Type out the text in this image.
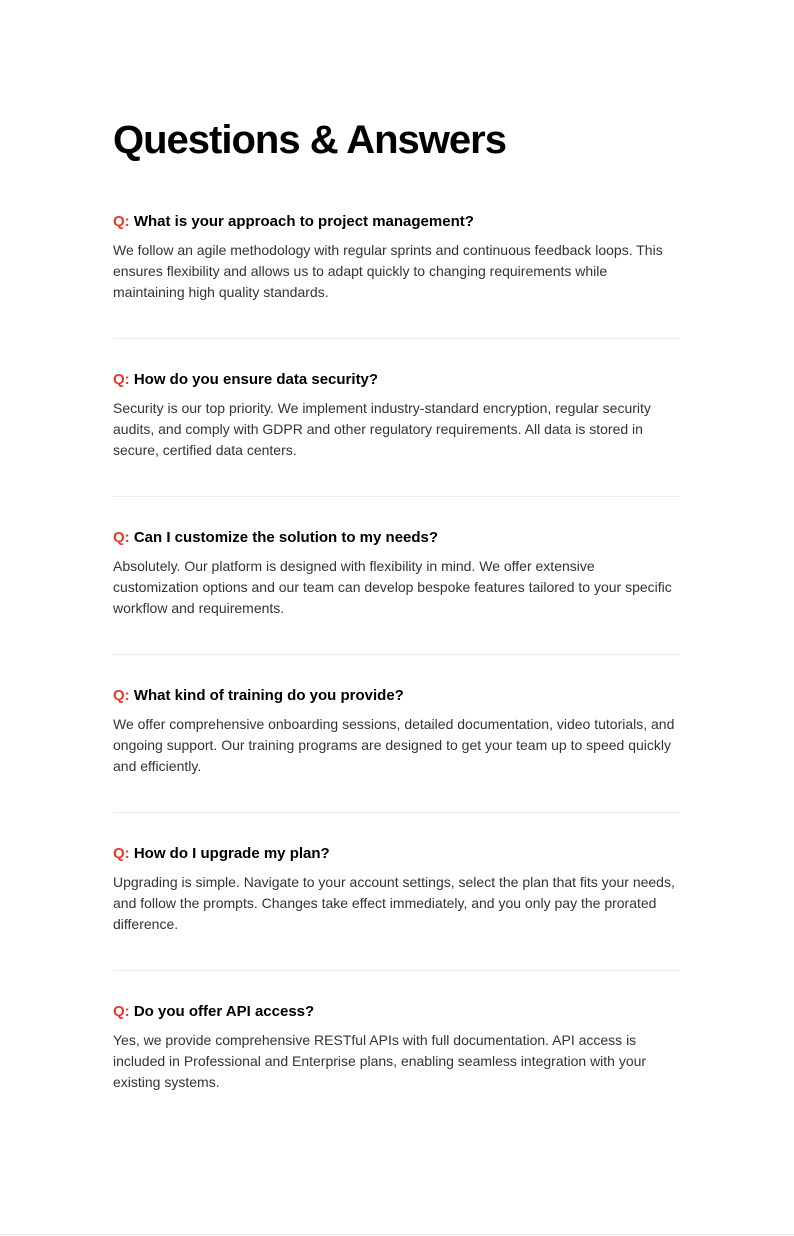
Questions & Answers

Q: What is your approach to project management?

We follow an agile methodology with regular sprints and continuous feedback loops. This ensures flexibility and allows us to adapt quickly to changing requirements while maintaining high quality standards.

Q: How do you ensure data security?

Security is our top priority. We implement industry-standard encryption, regular security audits, and comply with GDPR and other regulatory requirements. All data is stored in secure, certified data centers.

Q: Can I customize the solution to my needs?

Absolutely. Our platform is designed with flexibility in mind. We offer extensive customization options and our team can develop bespoke features tailored to your specific workflow and requirements.

Q: What kind of training do you provide?

We offer comprehensive onboarding sessions, detailed documentation, video tutorials, and ongoing support. Our training programs are designed to get your team up to speed quickly and efficiently.

Q: How do I upgrade my plan?

Upgrading is simple. Navigate to your account settings, select the plan that fits your needs, and follow the prompts. Changes take effect immediately, and you only pay the prorated difference.

Q: Do you offer API access?

Yes, we provide comprehensive RESTful APIs with full documentation. API access is included in Professional and Enterprise plans, enabling seamless integration with your existing systems.
